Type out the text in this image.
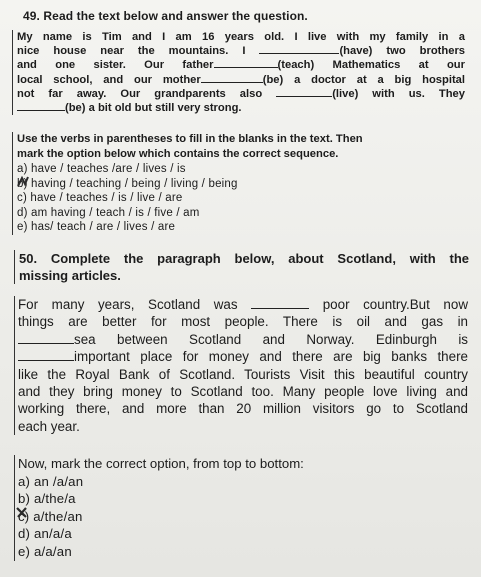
49. Read the text below and answer the question.
My name is Tim and I am 16 years old. I live with my family in a
nice house near the mountains. I	(have) two brothers
and one sister. Our father	(teach) Mathematics at our
local school, and our mother	(be) a doctor at a big hospital
not far away. Our grandparents also	(live) with us. They
(be) a bit old but still very strong.
Use the verbs in parentheses to fill in the blanks in the text. Then
mark the option below which contains the correct sequence.
a) have / teaches /are / lives / is
b) having / teaching / being / living / being
c) have / teaches / is / live / are
d) am having / teach / is / five / am
e) has/ teach / are / lives / are
50. Complete the paragraph below, about Scotland, with the
missing articles.
For many years, Scotland was	poor country.But now
things are better for most people. There is oil and gas in
sea between Scotland and Norway. Edinburgh is
important place for money and there are big banks there
like the Royal Bank of Scotland. Tourists Visit this beautiful country
and they bring money to Scotland too. Many people love living and
working there, and more than 20 million visitors go to Scotland
each year.
Now, mark the correct option, from top to bottom:
a) an /a/an
b) a/the/a
c) a/the/an
d) an/a/a
e) a/a/an
